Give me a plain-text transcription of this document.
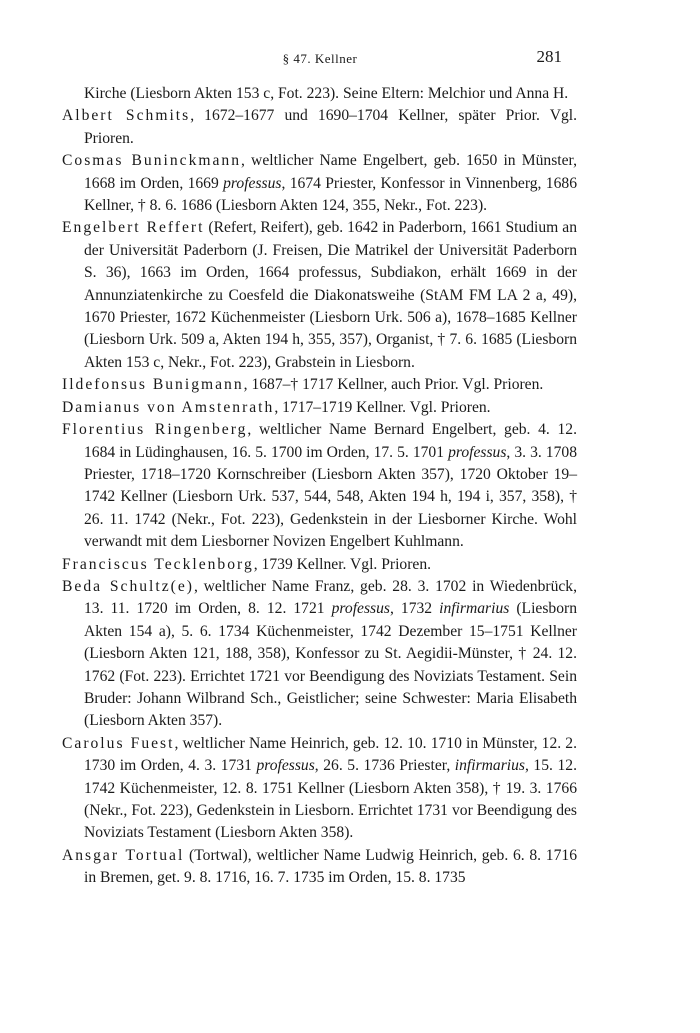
§ 47. Kellner	281

Kirche (Liesborn Akten 153 c, Fot. 223). Seine Eltern: Melchior und Anna H.

Albert Schmits, 1672–1677 und 1690–1704 Kellner, später Prior. Vgl. Prioren.

Cosmas Buninckmann, weltlicher Name Engelbert, geb. 1650 in Münster, 1668 im Orden, 1669 professus, 1674 Priester, Konfessor in Vinnenberg, 1686 Kellner, † 8. 6. 1686 (Liesborn Akten 124, 355, Nekr., Fot. 223).

Engelbert Reffert (Refert, Reifert), geb. 1642 in Paderborn, 1661 Studium an der Universität Paderborn (J. Freisen, Die Matrikel der Universität Paderborn S. 36), 1663 im Orden, 1664 professus, Subdiakon, erhält 1669 in der Annunziatenkirche zu Coesfeld die Diakonatsweihe (StAM FM LA 2 a, 49), 1670 Priester, 1672 Küchenmeister (Liesborn Urk. 506 a), 1678–1685 Kellner (Liesborn Urk. 509 a, Akten 194 h, 355, 357), Organist, † 7. 6. 1685 (Liesborn Akten 153 c, Nekr., Fot. 223), Grabstein in Liesborn.

Ildefonsus Bunigmann, 1687–† 1717 Kellner, auch Prior. Vgl. Prioren.

Damianus von Amstenrath, 1717–1719 Kellner. Vgl. Prioren.

Florentius Ringenberg, weltlicher Name Bernard Engelbert, geb. 4. 12. 1684 in Lüdinghausen, 16. 5. 1700 im Orden, 17. 5. 1701 professus, 3. 3. 1708 Priester, 1718–1720 Kornschreiber (Liesborn Akten 357), 1720 Oktober 19–1742 Kellner (Liesborn Urk. 537, 544, 548, Akten 194 h, 194 i, 357, 358), † 26. 11. 1742 (Nekr., Fot. 223), Gedenkstein in der Liesborner Kirche. Wohl verwandt mit dem Liesborner Novizen Engelbert Kuhlmann.

Franciscus Tecklenborg, 1739 Kellner. Vgl. Prioren.

Beda Schultz(e), weltlicher Name Franz, geb. 28. 3. 1702 in Wiedenbrück, 13. 11. 1720 im Orden, 8. 12. 1721 professus, 1732 infirmarius (Liesborn Akten 154 a), 5. 6. 1734 Küchenmeister, 1742 Dezember 15–1751 Kellner (Liesborn Akten 121, 188, 358), Konfessor zu St. Aegidii-Münster, † 24. 12. 1762 (Fot. 223). Errichtet 1721 vor Beendigung des Noviziats Testament. Sein Bruder: Johann Wilbrand Sch., Geistlicher; seine Schwester: Maria Elisabeth (Liesborn Akten 357).

Carolus Fuest, weltlicher Name Heinrich, geb. 12. 10. 1710 in Münster, 12. 2. 1730 im Orden, 4. 3. 1731 professus, 26. 5. 1736 Priester, infirmarius, 15. 12. 1742 Küchenmeister, 12. 8. 1751 Kellner (Liesborn Akten 358), † 19. 3. 1766 (Nekr., Fot. 223), Gedenkstein in Liesborn. Errichtet 1731 vor Beendigung des Noviziats Testament (Liesborn Akten 358).

Ansgar Tortual (Tortwal), weltlicher Name Ludwig Heinrich, geb. 6. 8. 1716 in Bremen, get. 9. 8. 1716, 16. 7. 1735 im Orden, 15. 8. 1735
